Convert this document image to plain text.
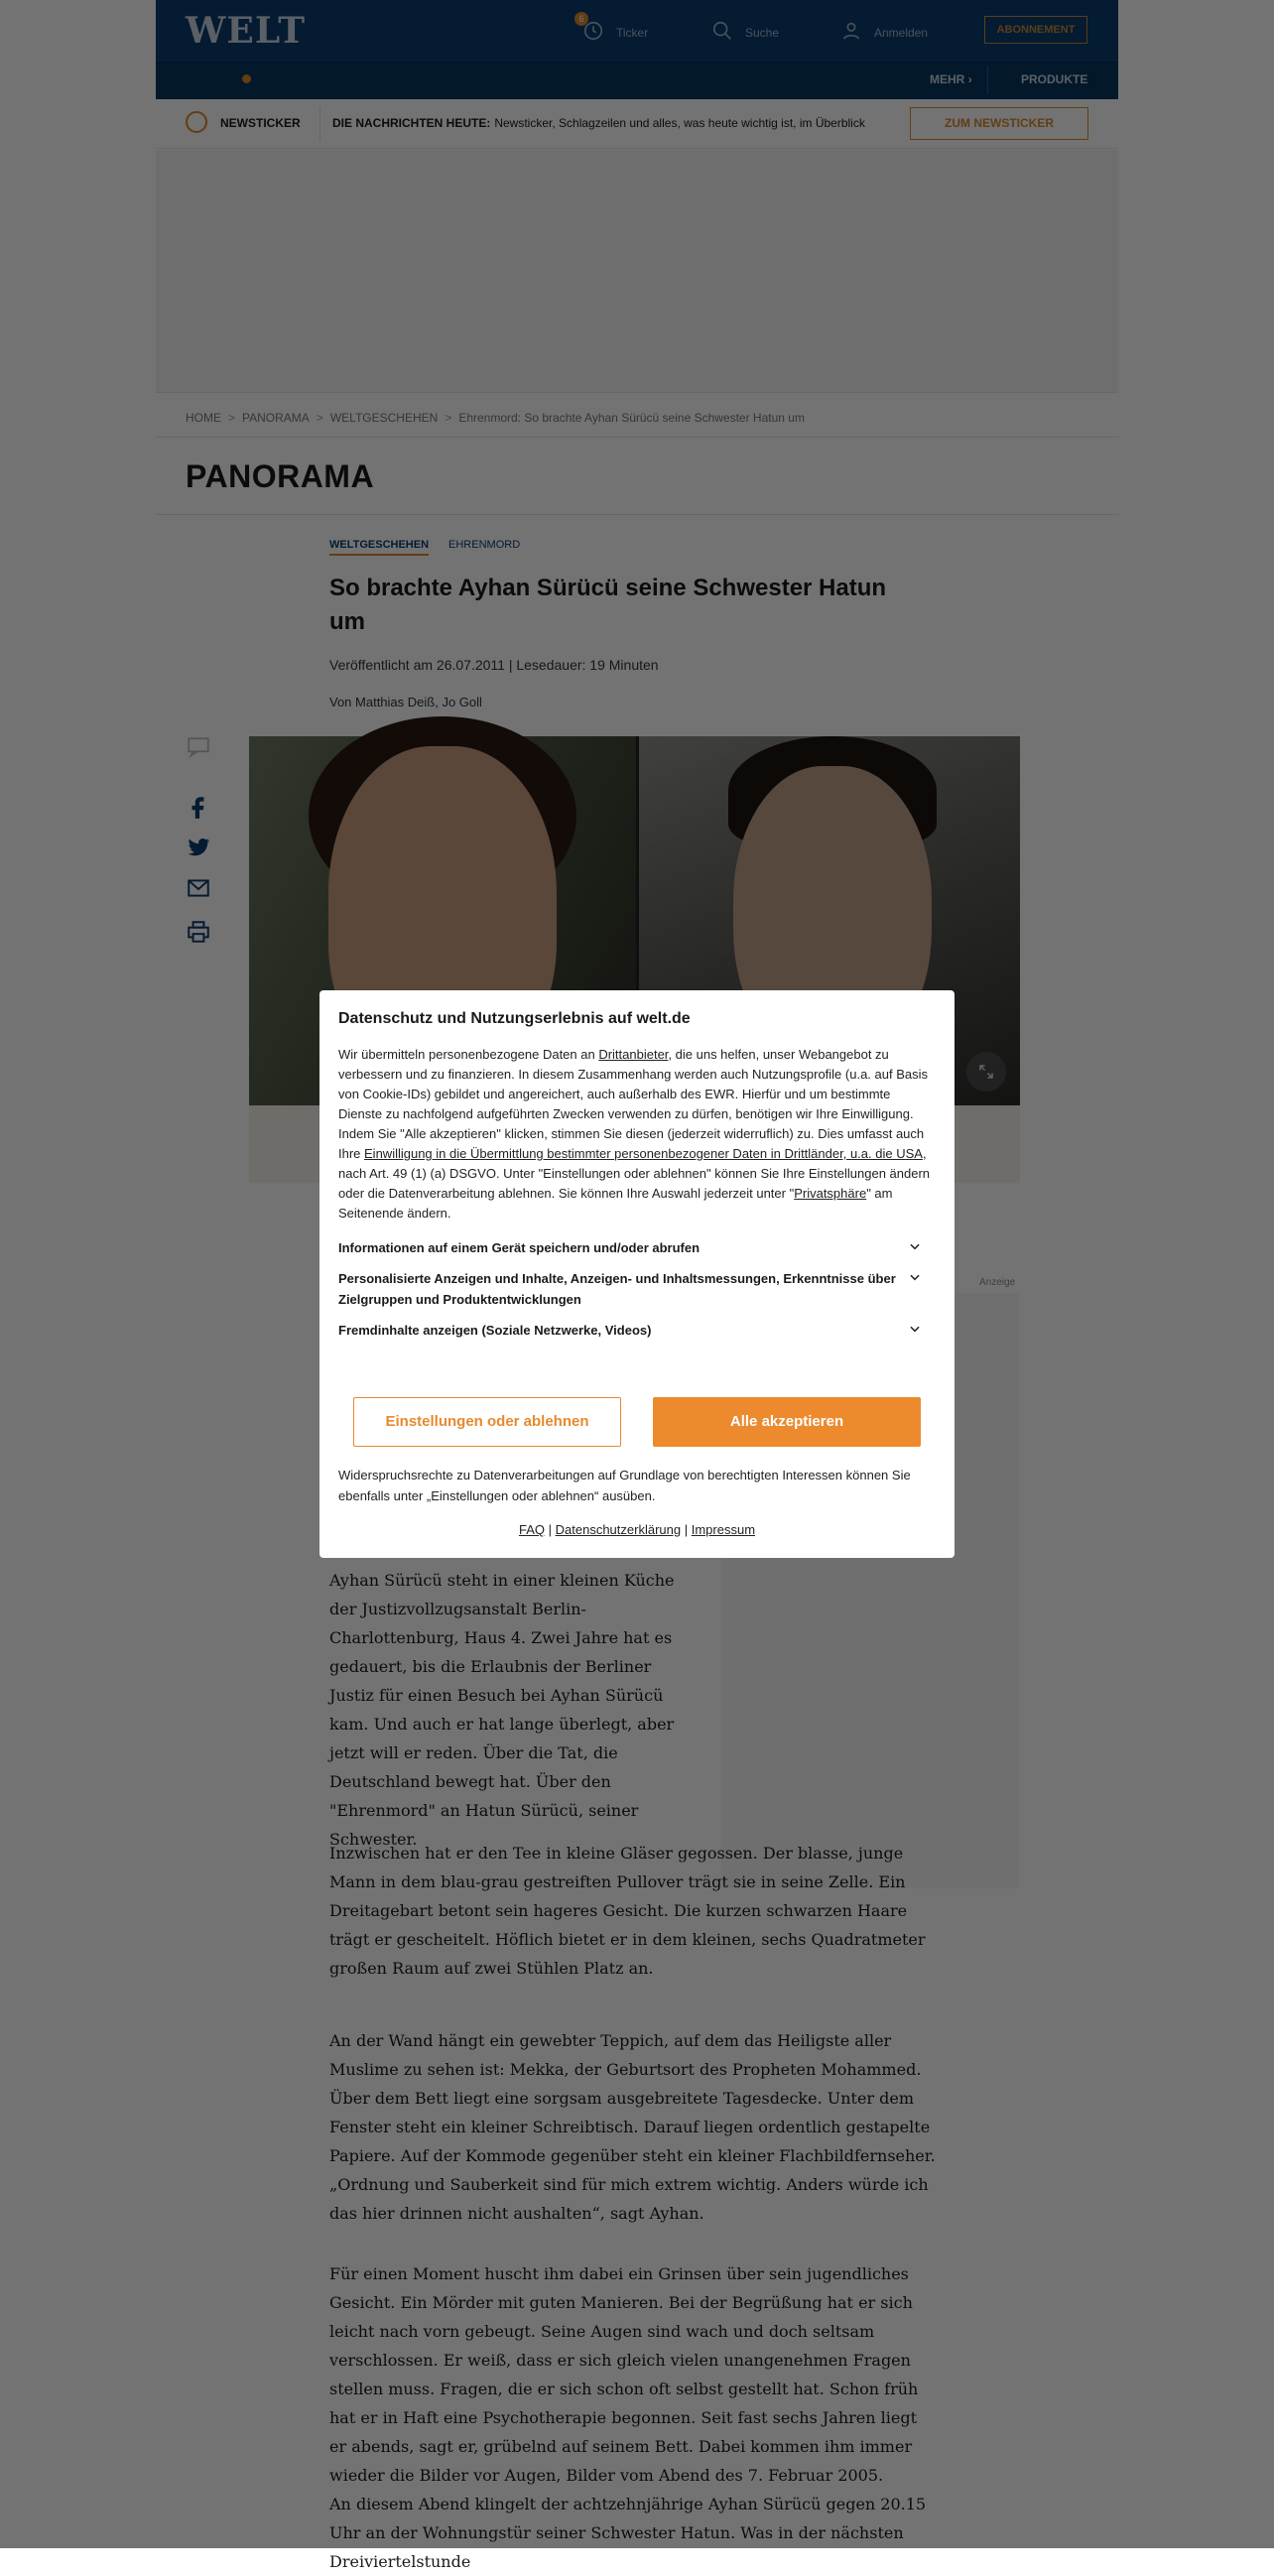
Dreiviertelstunde

Datenschutz und Nutzungserlebnis auf welt.de

Wir übermitteln personenbezogene Daten an Drittanbieter, die uns helfen, unser Webangebot zu verbessern und zu finanzieren. In diesem Zusammenhang werden auch Nutzungsprofile (u.a. auf Basis von Cookie-IDs) gebildet und angereichert, auch außerhalb des EWR. Hierfür und um bestimmte Dienste zu nachfolgend aufgeführten Zwecken verwenden zu dürfen, benötigen wir Ihre Einwilligung. Indem Sie "Alle akzeptieren" klicken, stimmen Sie diesen (jederzeit widerruflich) zu. Dies umfasst auch Ihre Einwilligung in die Übermittlung bestimmter personenbezogener Daten in Drittländer, u.a. die USA, nach Art. 49 (1) (a) DSGVO. Unter "Einstellungen oder ablehnen" können Sie Ihre Einstellungen ändern oder die Datenverarbeitung ablehnen. Sie können Ihre Auswahl jederzeit unter "Privatsphäre" am Seitenende ändern.

Informationen auf einem Gerät speichern und/oder abrufen
Personalisierte Anzeigen und Inhalte, Anzeigen- und Inhaltsmessungen, Erkenntnisse über Zielgruppen und Produktentwicklungen
Fremdinhalte anzeigen (Soziale Netzwerke, Videos)
Einstellungen oder ablehnen	Alle akzeptieren

Widerspruchsrechte zu Datenverarbeitungen auf Grundlage von berechtigten Interessen können Sie ebenfalls unter „Einstellungen oder ablehnen“ ausüben.

FAQ | Datenschutzerklärung | Impressum
